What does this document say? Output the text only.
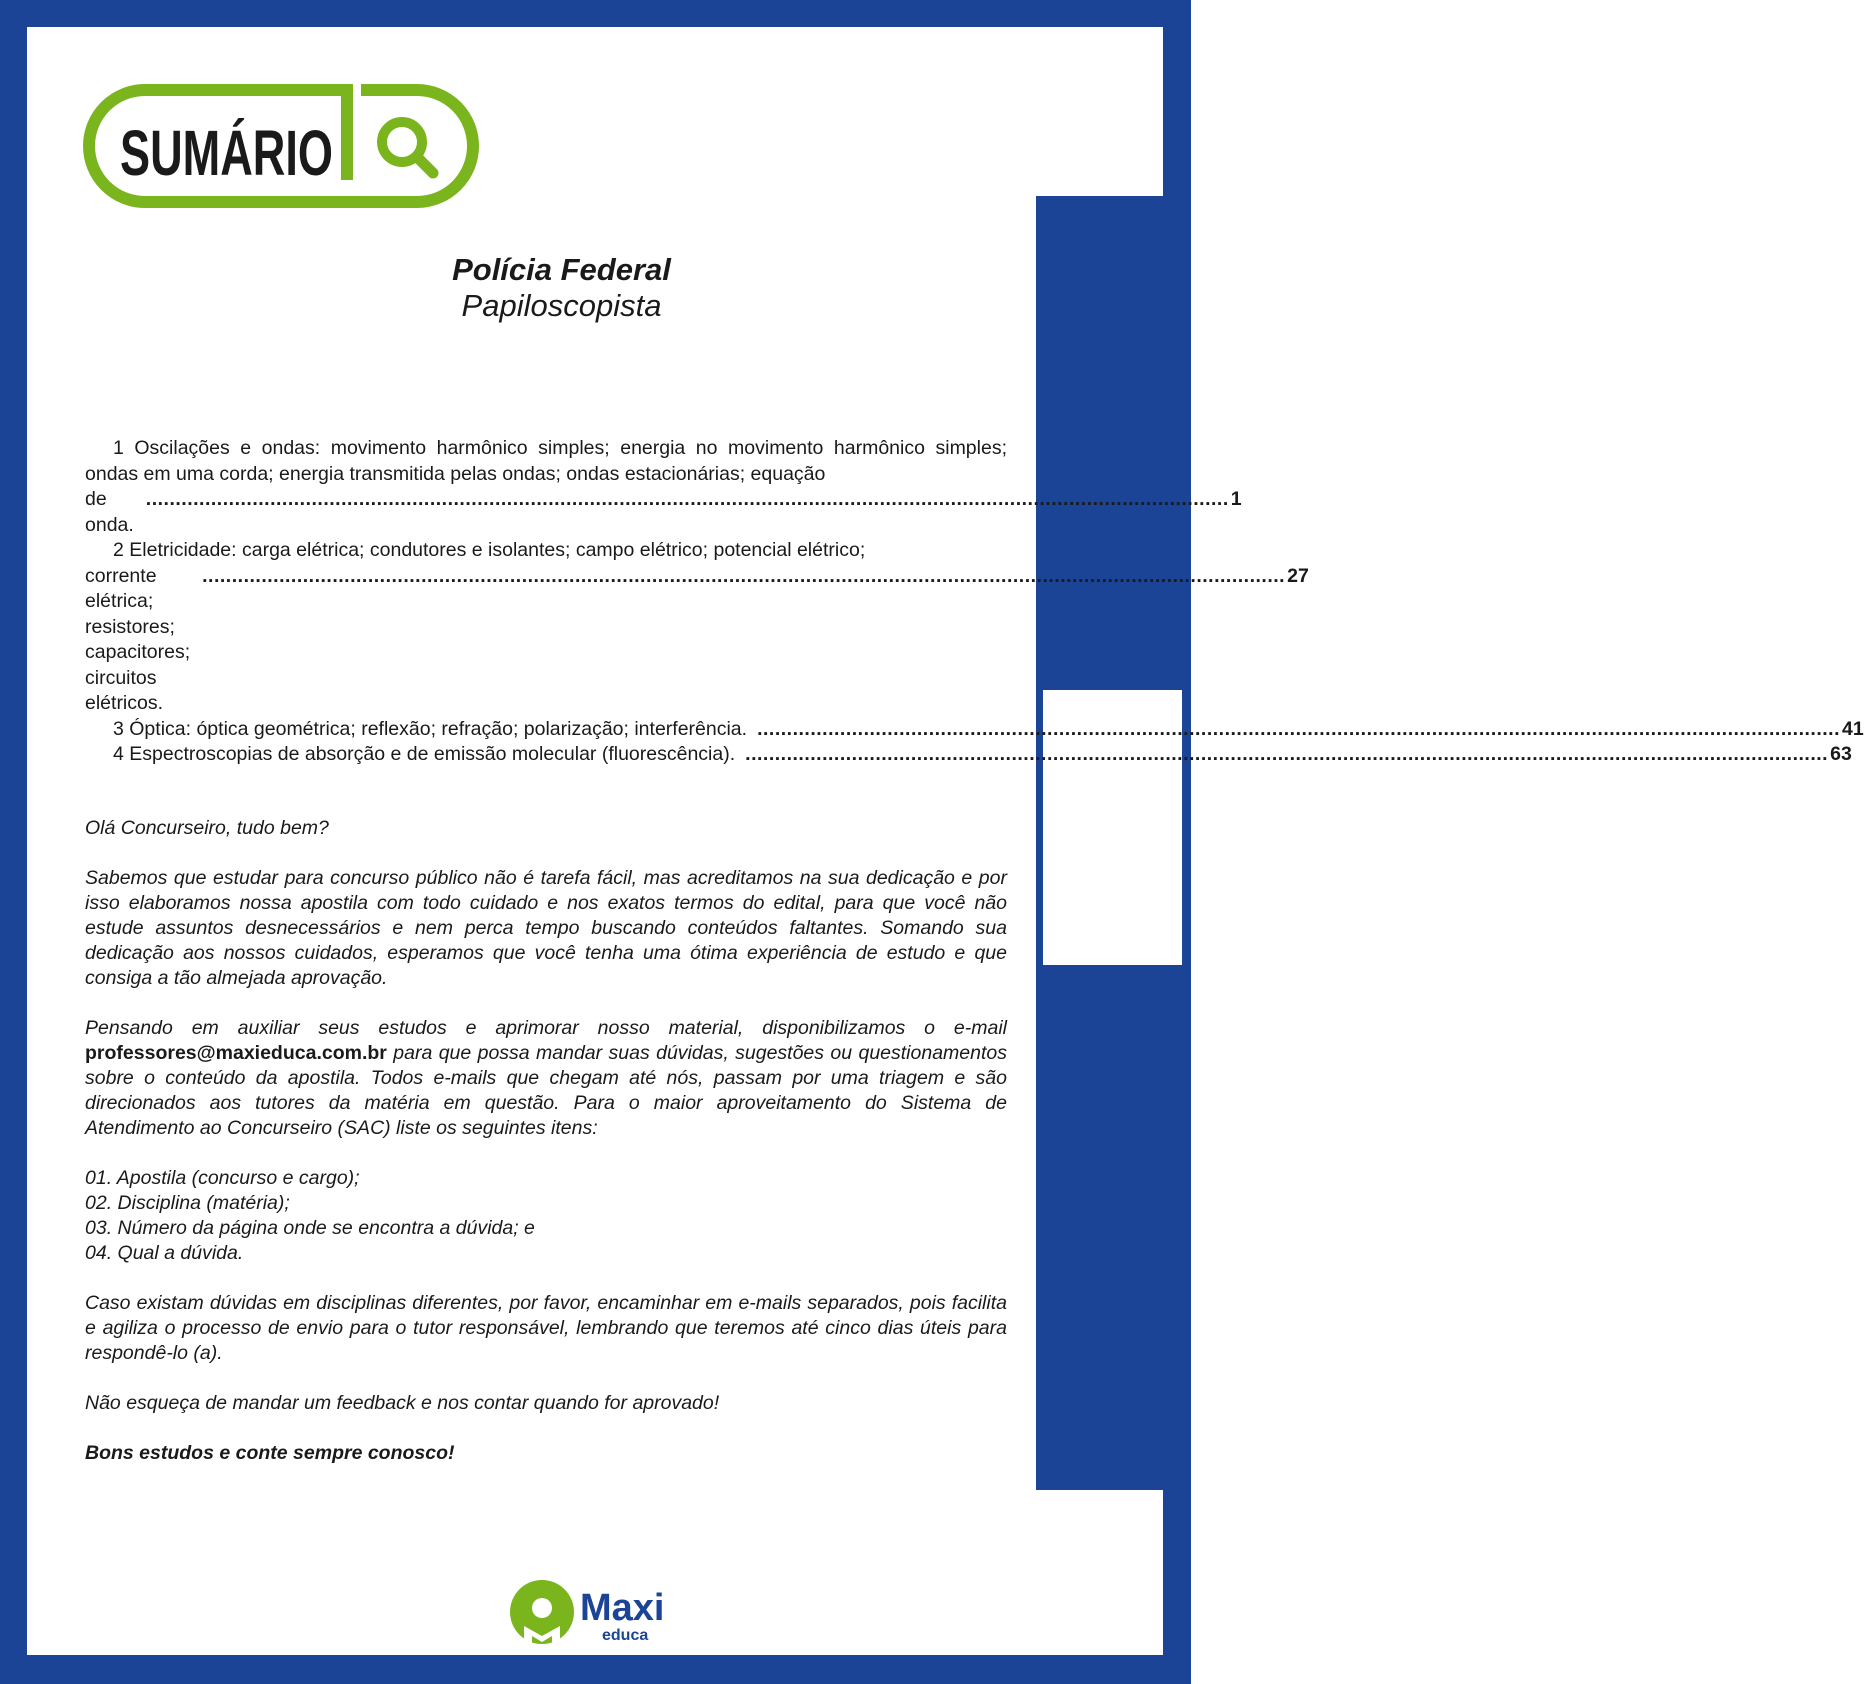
SUMÁRIO
Polícia Federal
Papiloscopista
1 Oscilações e ondas: movimento harmônico simples; energia no movimento harmônico simples; ondas em uma corda; energia transmitida pelas ondas; ondas estacionárias; equação
de onda.
....................................................................................................................................................................................... 1
2 Eletricidade: carga elétrica; condutores e isolantes; campo elétrico; potencial elétrico;
corrente elétrica; resistores; capacitores; circuitos elétricos.
....................................................................................................................................................................................... 27
3 Óptica: óptica geométrica; reflexão; refração; polarização; interferência. ....................................................................................................................................................................................... 41
4 Espectroscopias de absorção e de emissão molecular (fluorescência). ....................................................................................................................................................................................... 63

Olá Concurseiro, tudo bem?

Sabemos que estudar para concurso público não é tarefa fácil, mas acreditamos na sua dedicação e por isso elaboramos nossa apostila com todo cuidado e nos exatos termos do edital, para que você não estude assuntos desnecessários e nem perca tempo buscando conteúdos faltantes. Somando sua dedicação aos nossos cuidados, esperamos que você tenha uma ótima experiência de estudo e que consiga a tão almejada aprovação.

Pensando em auxiliar seus estudos e aprimorar nosso material, disponibilizamos o e-mail professores@maxieduca.com.br para que possa mandar suas dúvidas, sugestões ou questionamentos sobre o conteúdo da apostila. Todos e-mails que chegam até nós, passam por uma triagem e são direcionados aos tutores da matéria em questão. Para o maior aproveitamento do Sistema de Atendimento ao Concurseiro (SAC) liste os seguintes itens:

01. Apostila (concurso e cargo);
02. Disciplina (matéria);
03. Número da página onde se encontra a dúvida; e
04. Qual a dúvida.

Caso existam dúvidas em disciplinas diferentes, por favor, encaminhar em e-mails separados, pois facilita e agiliza o processo de envio para o tutor responsável, lembrando que teremos até cinco dias úteis para respondê-lo (a).

Não esqueça de mandar um feedback e nos contar quando for aprovado!

Bons estudos e conte sempre conosco!

Maxi
educa
